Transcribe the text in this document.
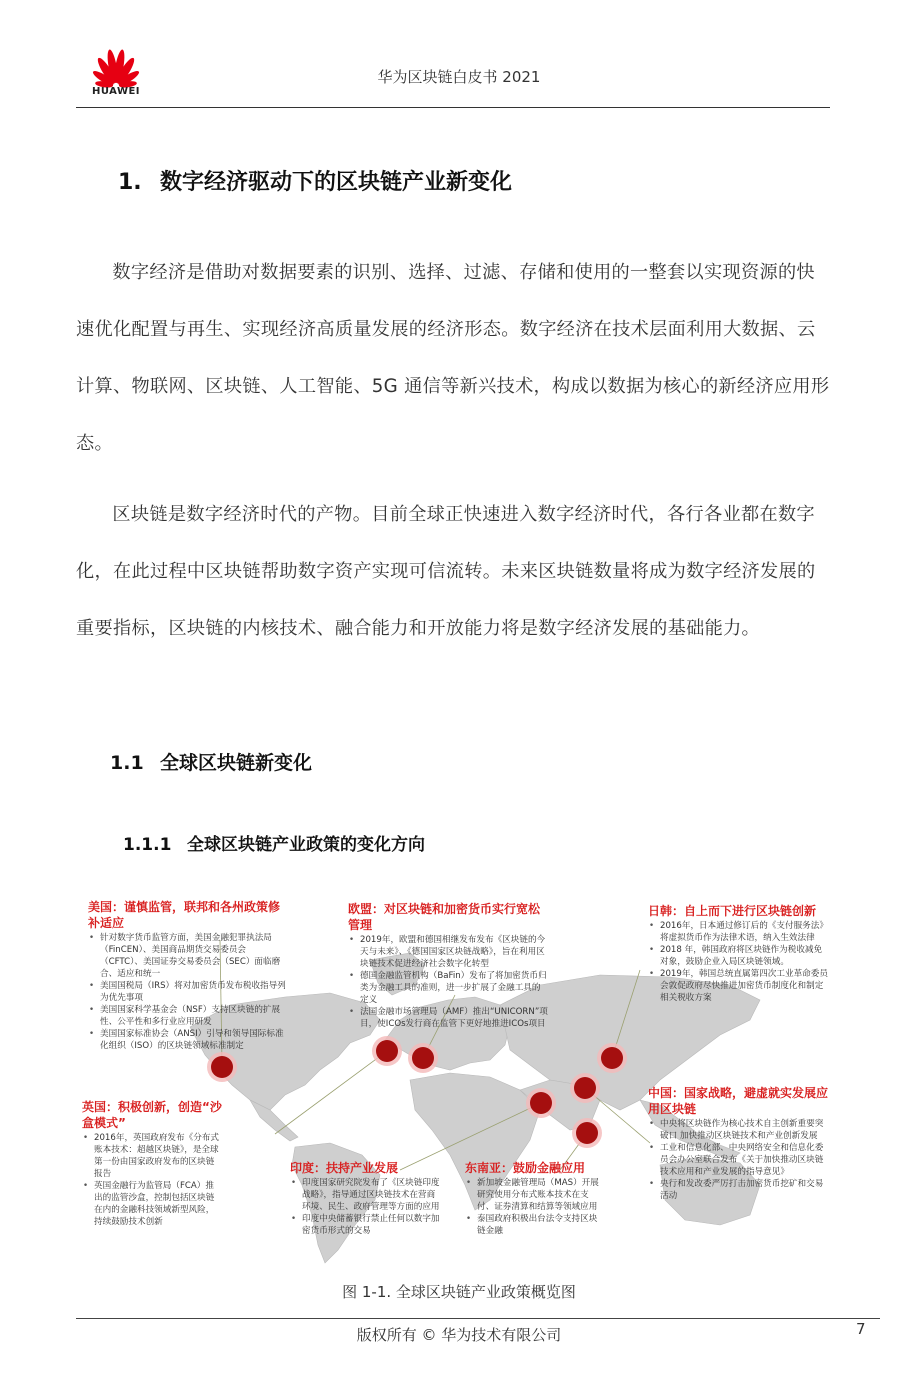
HUAWEI
华为区块链白皮书 2021
1. 数字经济驱动下的区块链产业新变化
数字经济是借助对数据要素的识别、选择、过滤、存储和使用的一整套以实现资源的快速优化配置与再生、实现经济高质量发展的经济形态。数字经济在技术层面利用大数据、云计算、物联网、区块链、人工智能、5G 通信等新兴技术，构成以数据为核心的新经济应用形态。
区块链是数字经济时代的产物。目前全球正快速进入数字经济时代，各行各业都在数字化，在此过程中区块链帮助数字资产实现可信流转。未来区块链数量将成为数字经济发展的重要指标，区块链的内核技术、融合能力和开放能力将是数字经济发展的基础能力。
1.1 全球区块链新变化
1.1.1 全球区块链产业政策的变化方向
美国：谨慎监管，联邦和各州政策修补适应
• 针对数字货币监管方面，美国金融犯罪执法局（FinCEN）、美国商品期货交易委员会（CFTC）、美国证券交易委员会（SEC）面临磨合、适应和统一
• 美国国税局（IRS）将对加密货币发布税收指导列为优先事项
• 美国国家科学基金会（NSF）支持区块链的扩展性、公平性和多行业应用研发
• 美国国家标准协会（ANSI）引导和领导国际标准化组织（ISO）的区块链领域标准制定
欧盟：对区块链和加密货币实行宽松管理
• 2019年，欧盟和德国相继发布发布《区块链的今天与未来》、《德国国家区块链战略》，旨在利用区块链技术促进经济社会数字化转型
• 德国金融监管机构（BaFin）发布了将加密货币归类为金融工具的准则，进一步扩展了金融工具的定义
• 法国金融市场管理局（AMF）推出“UNICORN”项目，使ICOs发行商在监管下更好地推进ICOs项目
日韩：自上而下进行区块链创新
• 2016年，日本通过修订后的《支付服务法》将虚拟货币作为法律术语，纳入生效法律
• 2018 年，韩国政府将区块链作为税收减免对象，鼓励企业入局区块链领域。
• 2019年，韩国总统直属第四次工业革命委员会敦促政府尽快推进加密货币制度化和制定相关税收方案
英国：积极创新，创造“沙盒模式”
• 2016年，英国政府发布《分布式账本技术：超越区块链》，是全球第一份由国家政府发布的区块链报告
• 英国金融行为监管局（FCA）推出的监管沙盒，控制包括区块链在内的金融科技领域新型风险，持续鼓励技术创新
中国：国家战略，避虚就实发展应用区块链
• 中央将区块链作为核心技术自主创新重要突破口 加快推动区块链技术和产业创新发展
• 工业和信息化部、中央网络安全和信息化委员会办公室联合发布《关于加快推动区块链技术应用和产业发展的指导意见》
• 央行和发改委严厉打击加密货币挖矿和交易活动
印度：扶持产业发展
• 印度国家研究院发布了《区块链印度战略》，指导通过区块链技术在营商环境、民生、政府管理等方面的应用
• 印度中央储蓄银行禁止任何以数字加密货币形式的交易
东南亚：鼓励金融应用
• 新加坡金融管理局（MAS）开展研究使用分布式账本技术在支付、证券清算和结算等领域应用
• 泰国政府积极出台法令支持区块链金融
图 1-1. 全球区块链产业政策概览图
版权所有 © 华为技术有限公司	7
